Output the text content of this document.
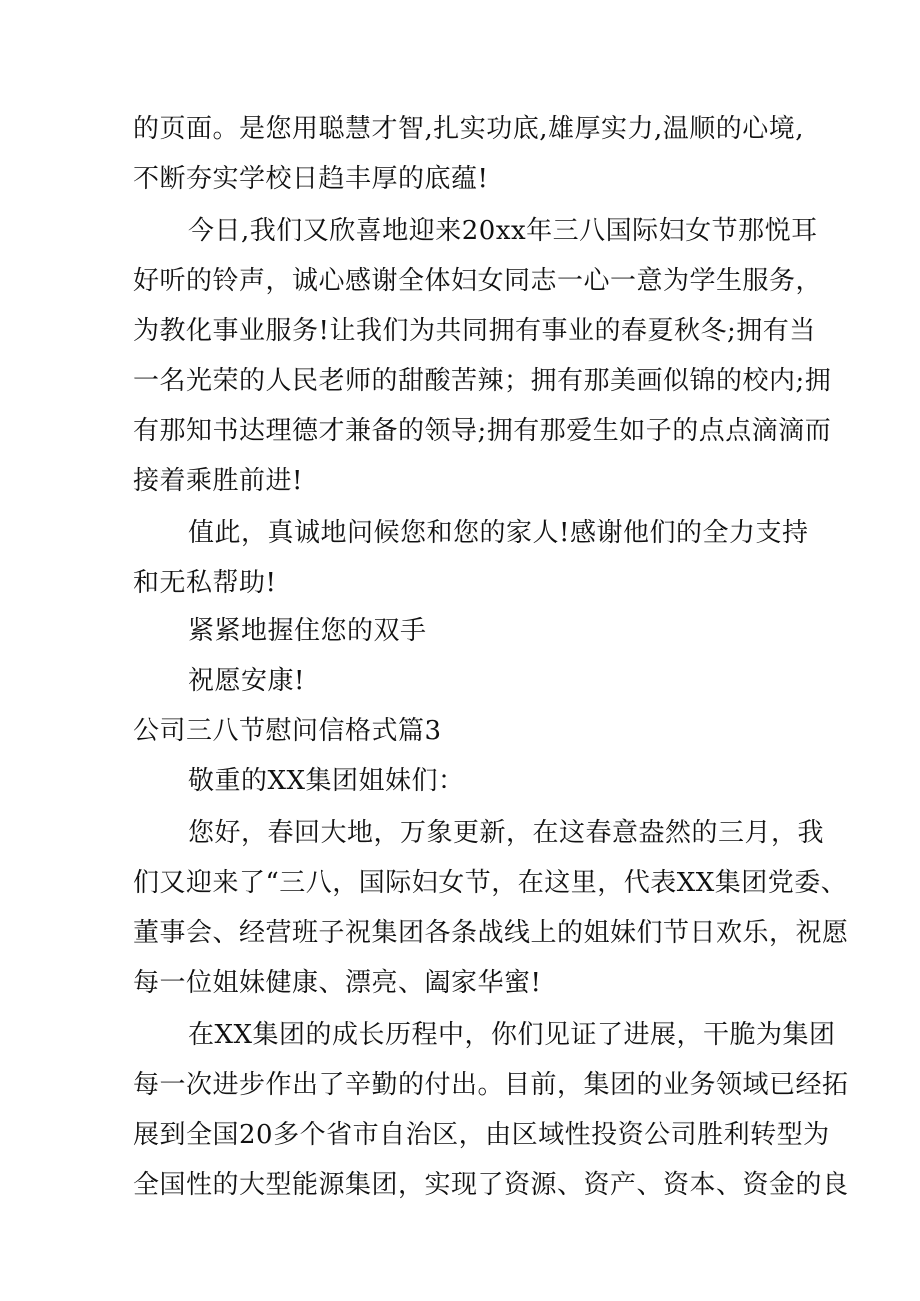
的页面。是您用聪慧才智,扎实功底,雄厚实力,温顺的心境,
不断夯实学校日趋丰厚的底蕴!
今日,我们又欣喜地迎来20xx年三八国际妇女节那悦耳
好听的铃声，诚心感谢全体妇女同志一心一意为学生服务，
为教化事业服务!让我们为共同拥有事业的春夏秋冬;拥有当
一名光荣的人民老师的甜酸苦辣；拥有那美画似锦的校内;拥
有那知书达理德才兼备的领导;拥有那爱生如子的点点滴滴而
接着乘胜前进!
值此，真诚地问候您和您的家人!感谢他们的全力支持
和无私帮助!
紧紧地握住您的双手
祝愿安康!
公司三八节慰问信格式篇3
敬重的XX集团姐妹们：
您好，春回大地，万象更新，在这春意盎然的三月，我
们又迎来了“三八，国际妇女节，在这里，代表XX集团党委、
董事会、经营班子祝集团各条战线上的姐妹们节日欢乐，祝愿
每一位姐妹健康、漂亮、阖家华蜜!
在XX集团的成长历程中，你们见证了进展，干脆为集团
每一次进步作出了辛勤的付出。目前，集团的业务领域已经拓
展到全国20多个省市自治区，由区域性投资公司胜利转型为
全国性的大型能源集团，实现了资源、资产、资本、资金的良
